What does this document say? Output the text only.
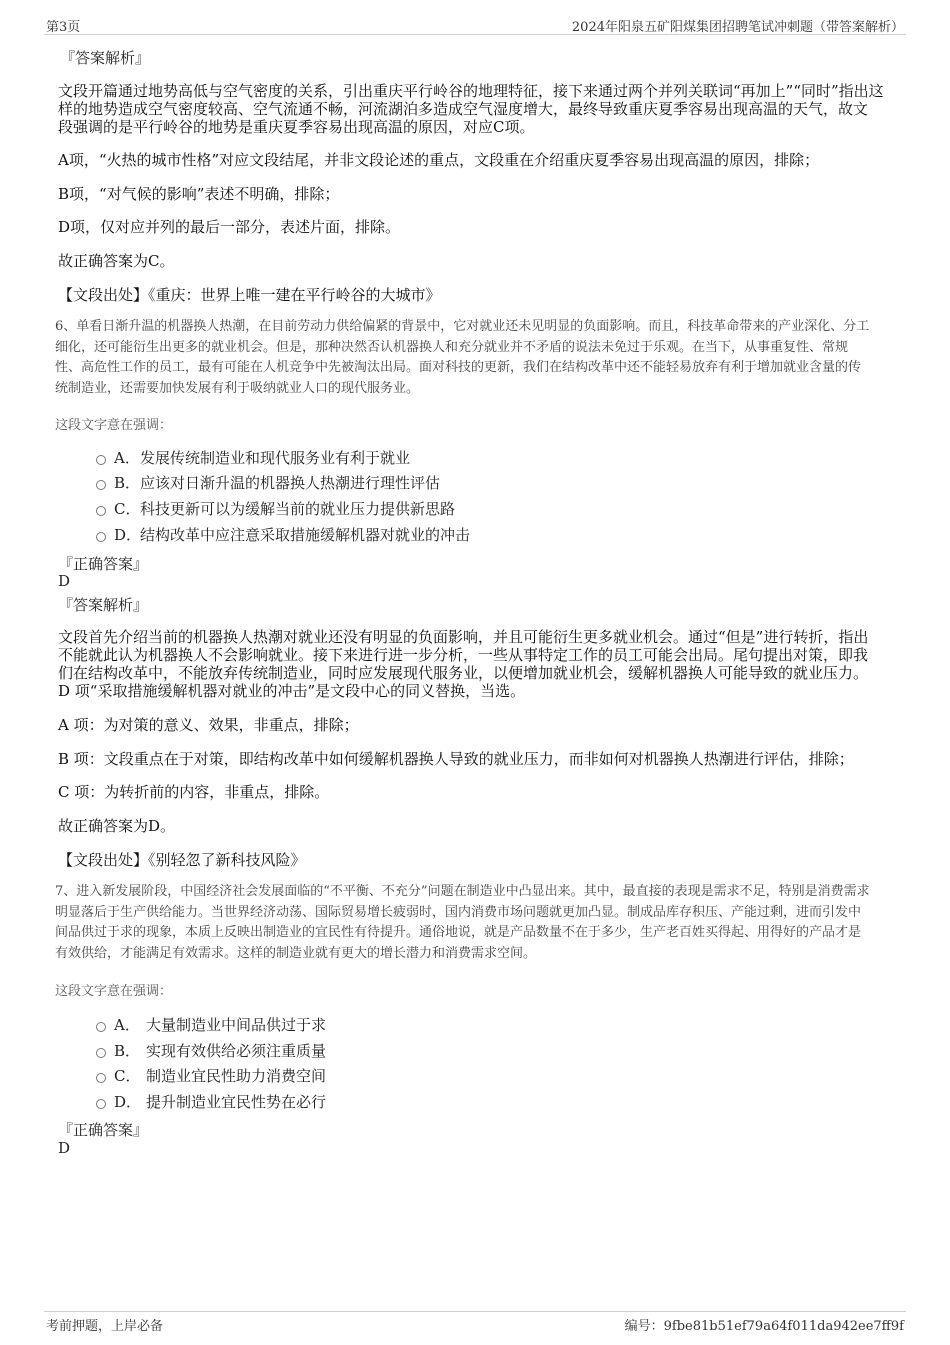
第3页	2024年阳泉五矿阳煤集团招聘笔试冲刺题（带答案解析）
『答案解析』
文段开篇通过地势高低与空气密度的关系，引出重庆平行岭谷的地理特征，接下来通过两个并列关联词“再加上”“同时”指出这
样的地势造成空气密度较高、空气流通不畅，河流湖泊多造成空气湿度增大，最终导致重庆夏季容易出现高温的天气，故文
段强调的是平行岭谷的地势是重庆夏季容易出现高温的原因，对应C项。
A项，“火热的城市性格”对应文段结尾，并非文段论述的重点，文段重在介绍重庆夏季容易出现高温的原因，排除；
B项，“对气候的影响”表述不明确，排除；
D项，仅对应并列的最后一部分，表述片面，排除。
故正确答案为C。
【文段出处】《重庆：世界上唯一建在平行岭谷的大城市》
6、单看日渐升温的机器换人热潮，在目前劳动力供给偏紧的背景中，它对就业还未见明显的负面影响。而且，科技革命带来的产业深化、分工
细化，还可能衍生出更多的就业机会。但是，那种决然否认机器换人和充分就业并不矛盾的说法未免过于乐观。在当下，从事重复性、常规
性、高危性工作的员工，最有可能在人机竞争中先被淘汰出局。面对科技的更新，我们在结构改革中还不能轻易放弃有利于增加就业含量的传
统制造业，还需要加快发展有利于吸纳就业人口的现代服务业。
这段文字意在强调：
A．发展传统制造业和现代服务业有利于就业
B．应该对日渐升温的机器换人热潮进行理性评估
C．科技更新可以为缓解当前的就业压力提供新思路
D．结构改革中应注意采取措施缓解机器对就业的冲击
『正确答案』
D
『答案解析』
文段首先介绍当前的机器换人热潮对就业还没有明显的负面影响，并且可能衍生更多就业机会。通过“但是”进行转折，指出
不能就此认为机器换人不会影响就业。接下来进行进一步分析，一些从事特定工作的员工可能会出局。尾句提出对策，即我
们在结构改革中，不能放弃传统制造业，同时应发展现代服务业，以便增加就业机会，缓解机器换人可能导致的就业压力。
D 项“采取措施缓解机器对就业的冲击”是文段中心的同义替换，当选。
A 项：为对策的意义、效果，非重点，排除；
B 项：文段重点在于对策，即结构改革中如何缓解机器换人导致的就业压力，而非如何对机器换人热潮进行评估，排除；
C 项：为转折前的内容，非重点，排除。
故正确答案为D。
【文段出处】《别轻忽了新科技风险》
7、进入新发展阶段，中国经济社会发展面临的“不平衡、不充分”问题在制造业中凸显出来。其中，最直接的表现是需求不足，特别是消费需求
明显落后于生产供给能力。当世界经济动荡、国际贸易增长疲弱时，国内消费市场问题就更加凸显。制成品库存积压、产能过剩，进而引发中
间品供过于求的现象，本质上反映出制造业的宜民性有待提升。通俗地说，就是产品数量不在于多少，生产老百姓买得起、用得好的产品才是
有效供给，才能满足有效需求。这样的制造业就有更大的增长潜力和消费需求空间。
这段文字意在强调：
A． 大量制造业中间品供过于求
B． 实现有效供给必须注重质量
C． 制造业宜民性助力消费空间
D． 提升制造业宜民性势在必行
『正确答案』
D
考前押题，上岸必备	编号：9fbe81b51ef79a64f011da942ee7ff9f
